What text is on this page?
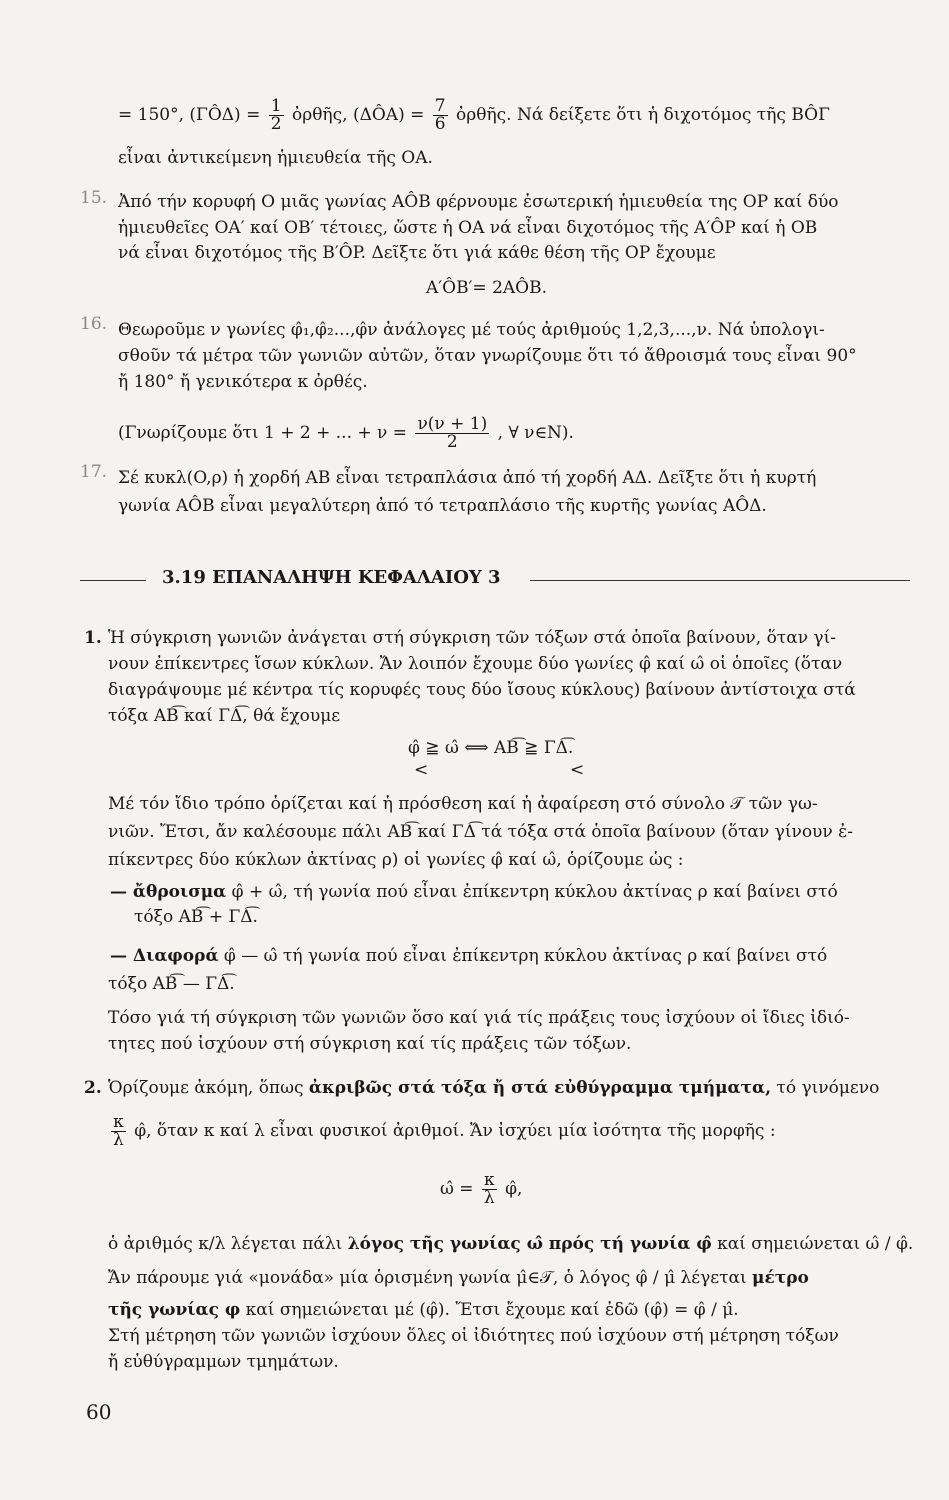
= 150°, (ΓÔΔ) = $\frac{1}{2}$ ὀρθῆς, (ΔÔA) = $\frac{7}{6}$ ὀρθῆς. Νά δείξετε ὅτι ἡ διχοτόμος τῆς BÔΓ
εἶναι ἀντικείμενη ἡμιευθεία τῆς OA.
15. Ἀπό τήν κορυφή O μιᾶς γωνίας AÔB φέρνουμε ἐσωτερική ἡμιευθεία της OP καί δύο
ἡμιευθεῖες OA′ καί OB′ τέτοιες, ὥστε ἡ OA νά εἶναι διχοτόμος τῆς A′ÔP καί ἡ OB
νά εἶναι διχοτόμος τῆς B′ÔP. Δεῖξτε ὅτι γιά κάθε θέση τῆς OP ἔχουμε
A′ÔB′= 2AÔB.
16. Θεωροῦμε ν γωνίες φ̂₁,φ̂₂...,φ̂ν ἀνάλογες μέ τούς ἀριθμούς 1,2,3,...,ν. Νά ὑπολογι-
σθοῦν τά μέτρα τῶν γωνιῶν αὐτῶν, ὅταν γνωρίζουμε ὅτι τό ἄθροισμά τους εἶναι 90°
ἤ 180° ἤ γενικότερα κ ὀρθές.
(Γνωρίζουμε ὅτι 1 + 2 + ... + $\nu = \frac{\nu(\nu + 1)}{2}$ , ∀ ν∈N).
17. Σέ κυκλ(O,ρ) ἡ χορδή AB εἶναι τετραπλάσια ἀπό τή χορδή AΔ. Δεῖξτε ὅτι ἡ κυρτή
γωνία AÔB εἶναι μεγαλύτερη ἀπό τό τετραπλάσιο τῆς κυρτῆς γωνίας AÔΔ.
3.19 ΕΠΑΝΑΛΗΨΗ ΚΕΦΑΛΑΙΟΥ 3
1. Ἡ σύγκριση γωνιῶν ἀνάγεται στή σύγκριση τῶν τόξων στά ὁποῖα βαίνουν, ὅταν γί-
νουν ἐπίκεντρες ἴσων κύκλων. Ἄν λοιπόν ἔχουμε δύο γωνίες φ̂ καί ω̂ οἱ ὁποῖες (ὅταν
διαγράψουμε μέ κέντρα τίς κορυφές τους δύο ἴσους κύκλους) βαίνουν ἀντίστοιχα στά
τόξα AB͡ καί ΓΔ͡, θά ἔχουμε
φ̂ ≧ ω̂ ⟺ AB͡ ≧ ΓΔ͡.
<	<
Μέ τόν ἴδιο τρόπο ὁρίζεται καί ἡ πρόσθεση καί ἡ ἀφαίρεση στό σύνολο 𝒯 τῶν γω-
νιῶν. Ἔτσι, ἄν καλέσουμε πάλι AB͡ καί ΓΔ͡ τά τόξα στά ὁποῖα βαίνουν (ὅταν γίνουν ἐ-
πίκεντρες δύο κύκλων ἀκτίνας ρ) οἱ γωνίες φ̂ καί ω̂, ὁρίζουμε ὡς :
— ἄθροισμα φ̂ + ω̂, τή γωνία πού εἶναι ἐπίκεντρη κύκλου ἀκτίνας ρ καί βαίνει στό
τόξο AB͡ + ΓΔ͡.
— Διαφορά φ̂ — ω̂ τή γωνία πού εἶναι ἐπίκεντρη κύκλου ἀκτίνας ρ καί βαίνει στό
τόξο AB͡ — ΓΔ͡.
Τόσο γιά τή σύγκριση τῶν γωνιῶν ὅσο καί γιά τίς πράξεις τους ἰσχύουν οἱ ἴδιες ἰδιό-
τητες πού ἰσχύουν στή σύγκριση καί τίς πράξεις τῶν τόξων.
2. Ὁρίζουμε ἀκόμη, ὅπως ἀκριβῶς στά τόξα ἤ στά εὐθύγραμμα τμήματα, τό γινόμενο
$\frac{\kappa}{\lambda}$ φ̂, ὅταν κ καί λ εἶναι φυσικοί ἀριθμοί. Ἄν ἰσχύει μία ἰσότητα τῆς μορφῆς :
ω̂ = $\frac{\kappa}{\lambda}$ φ̂,
ὁ ἀριθμός κ/λ λέγεται πάλι λόγος τῆς γωνίας ω̂ πρός τή γωνία φ̂ καί σημειώνεται ω̂ / φ̂.
Ἄν πάρουμε γιά «μονάδα» μία ὁρισμένη γωνία μ̂∈𝒯, ὁ λόγος φ̂ / μ̂ λέγεται μέτρο
τῆς γωνίας φ καί σημειώνεται μέ (φ̂). Ἔτσι ἔχουμε καί ἐδῶ (φ̂) = φ̂ / μ̂.
Στή μέτρηση τῶν γωνιῶν ἰσχύουν ὅλες οἱ ἰδιότητες πού ἰσχύουν στή μέτρηση τόξων
ἤ εὐθύγραμμων τμημάτων.
60
